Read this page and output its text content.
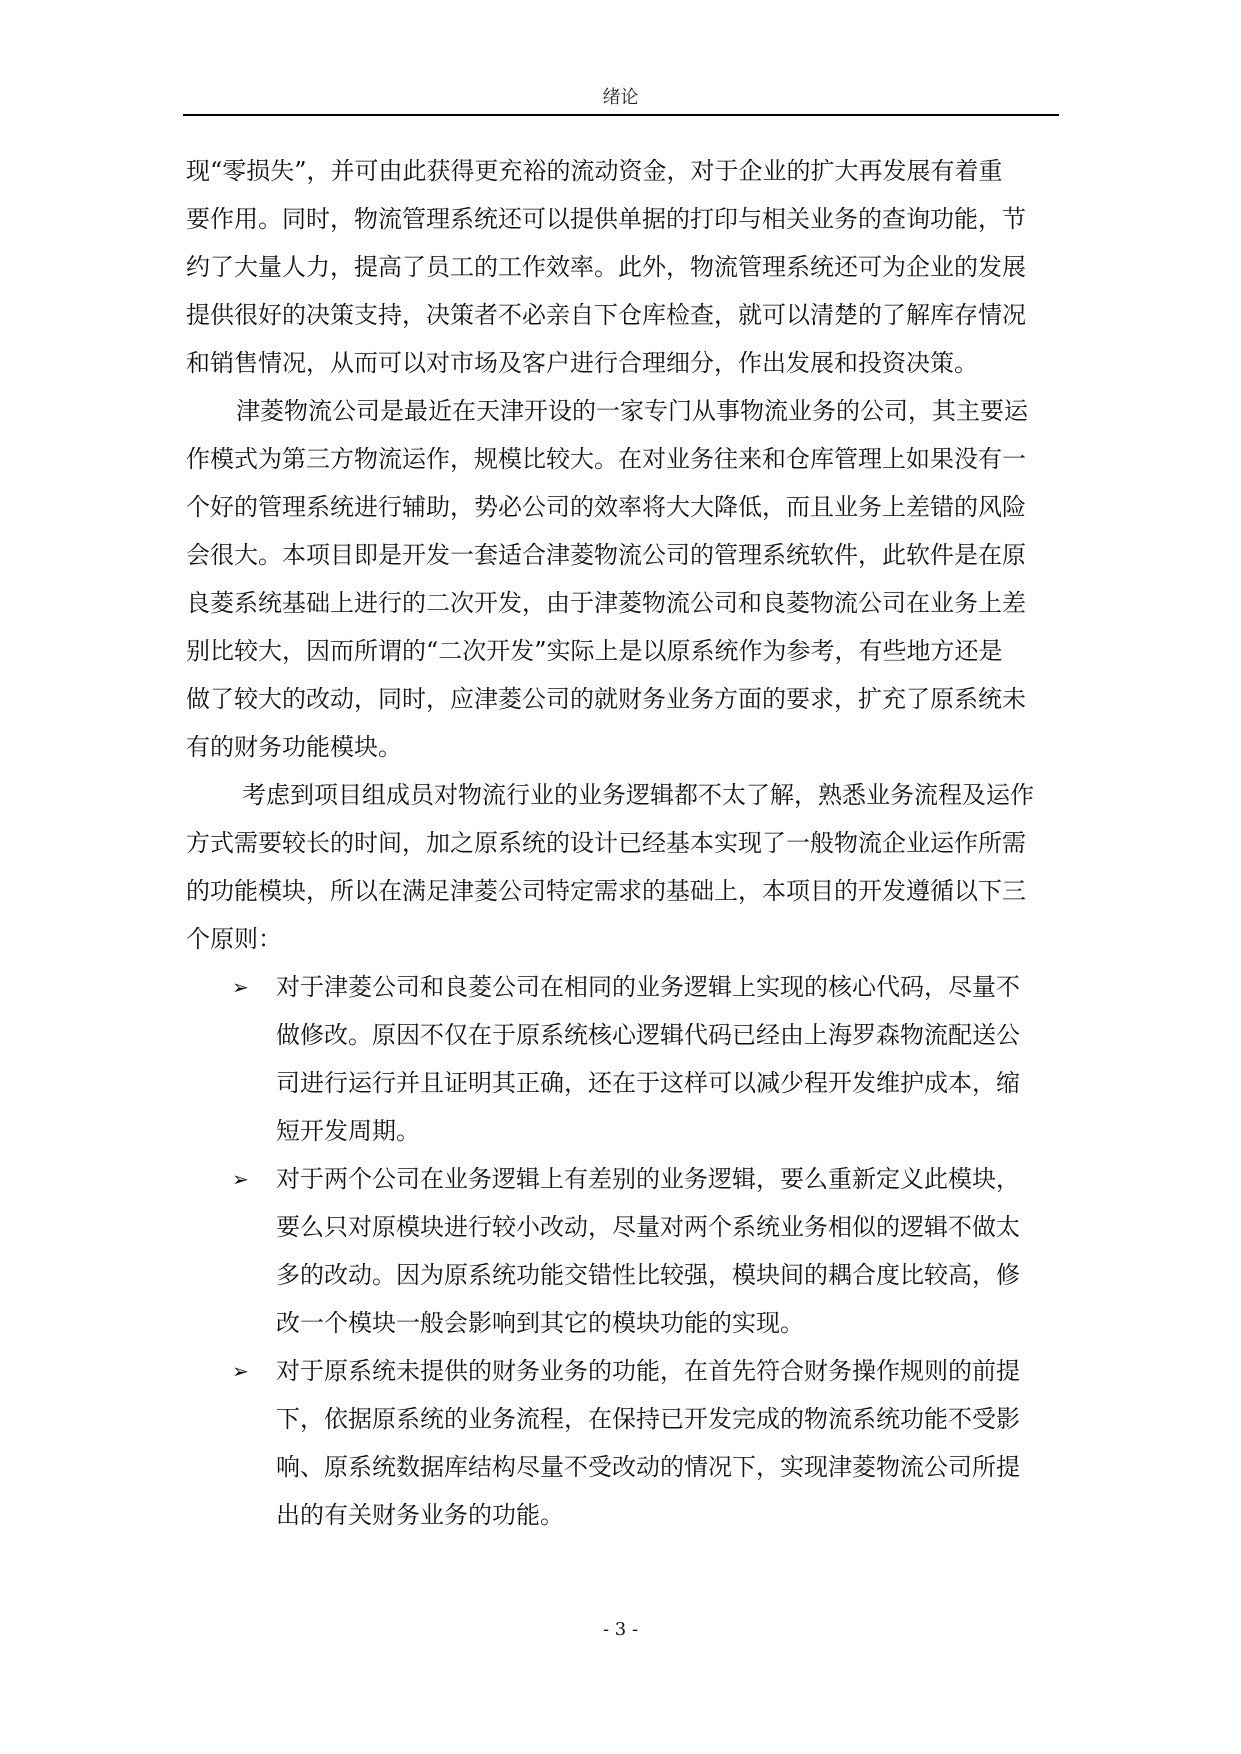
绪论
现“零损失”，并可由此获得更充裕的流动资金，对于企业的扩大再发展有着重
要作用。同时，物流管理系统还可以提供单据的打印与相关业务的查询功能，节
约了大量人力，提高了员工的工作效率。此外，物流管理系统还可为企业的发展
提供很好的决策支持，决策者不必亲自下仓库检查，就可以清楚的了解库存情况
和销售情况，从而可以对市场及客户进行合理细分，作出发展和投资决策。
津菱物流公司是最近在天津开设的一家专门从事物流业务的公司，其主要运
作模式为第三方物流运作，规模比较大。在对业务往来和仓库管理上如果没有一
个好的管理系统进行辅助，势必公司的效率将大大降低，而且业务上差错的风险
会很大。本项目即是开发一套适合津菱物流公司的管理系统软件，此软件是在原
良菱系统基础上进行的二次开发，由于津菱物流公司和良菱物流公司在业务上差
别比较大，因而所谓的“二次开发”实际上是以原系统作为参考，有些地方还是
做了较大的改动，同时，应津菱公司的就财务业务方面的要求，扩充了原系统未
有的财务功能模块。
考虑到项目组成员对物流行业的业务逻辑都不太了解，熟悉业务流程及运作
方式需要较长的时间，加之原系统的设计已经基本实现了一般物流企业运作所需
的功能模块，所以在满足津菱公司特定需求的基础上，本项目的开发遵循以下三
个原则：
➢ 对于津菱公司和良菱公司在相同的业务逻辑上实现的核心代码，尽量不
做修改。原因不仅在于原系统核心逻辑代码已经由上海罗森物流配送公
司进行运行并且证明其正确，还在于这样可以减少程开发维护成本，缩
短开发周期。
➢ 对于两个公司在业务逻辑上有差别的业务逻辑，要么重新定义此模块，
要么只对原模块进行较小改动，尽量对两个系统业务相似的逻辑不做太
多的改动。因为原系统功能交错性比较强，模块间的耦合度比较高，修
改一个模块一般会影响到其它的模块功能的实现。
➢ 对于原系统未提供的财务业务的功能，在首先符合财务操作规则的前提
下，依据原系统的业务流程，在保持已开发完成的物流系统功能不受影
响、原系统数据库结构尽量不受改动的情况下，实现津菱物流公司所提
出的有关财务业务的功能。
- 3 -
